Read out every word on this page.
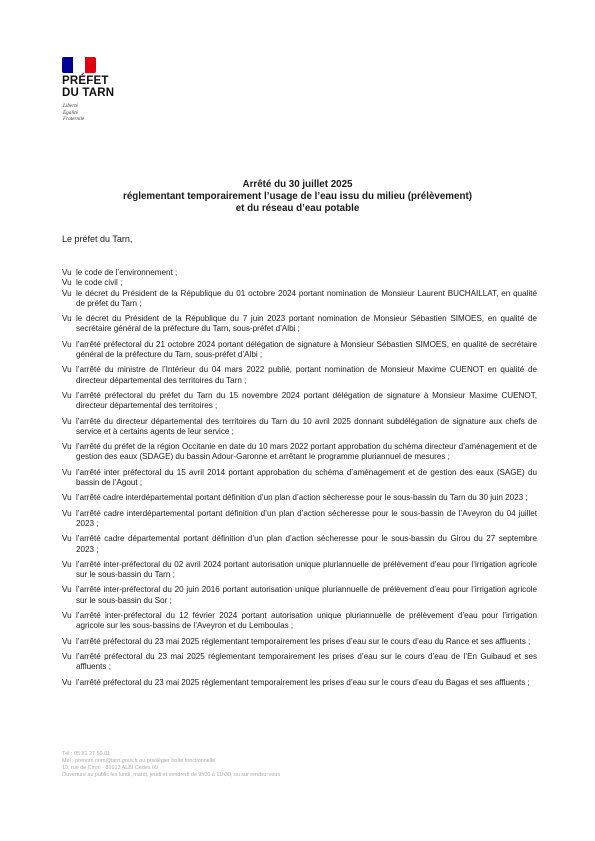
PRÉFET
DU TARN
Liberté
Égalité
Fraternité
Arrêté du 30 juillet 2025
réglementant temporairement l’usage de l’eau issu du milieu (prélèvement)
et du réseau d’eau potable
Le préfet du Tarn,
Vu le code de l’environnement ;
Vu le code civil ;
Vu le décret du Président de la République du 01 octobre 2024 portant nomination de Monsieur Laurent BUCHAILLAT, en qualité de préfet du Tarn ;
Vu le décret du Président de la République du 7 juin 2023 portant nomination de Monsieur Sébastien SIMOES, en qualité de secrétaire général de la préfecture du Tarn, sous-préfet d’Albi ;
Vu l’arrêté préfectoral du 21 octobre 2024 portant délégation de signature à Monsieur Sébastien SIMOES, en qualité de secrétaire général de la préfecture du Tarn, sous-préfet d’Albi ;
Vu l’arrêté du ministre de l’Intérieur du 04 mars 2022 publié, portant nomination de Monsieur Maxime CUENOT en qualité de directeur départemental des territoires du Tarn ;
Vu l’arrêté préfectoral du préfet du Tarn du 15 novembre 2024 portant délégation de signature à Monsieur Maxime CUENOT, directeur départemental des territoires ;
Vu l’arrêté du directeur départemental des territoires du Tarn du 10 avril 2025 donnant subdélégation de signature aux chefs de service et à certains agents de leur service ;
Vu l’arrêté du préfet de la région Occitanie en date du 10 mars 2022 portant approbation du schéma directeur d’aménagement et de gestion des eaux (SDAGE) du bassin Adour-Garonne et arrêtant le programme pluriannuel de mesures ;
Vu l’arrêté inter préfectoral du 15 avril 2014 portant approbation du schéma d’aménagement et de gestion des eaux (SAGE) du bassin de l’Agout ;
Vu l’arrêté cadre interdépartemental portant définition d’un plan d’action sécheresse pour le sous-bassin du Tarn du 30 juin 2023 ;
Vu l’arrêté cadre interdépartemental portant définition d’un plan d’action sécheresse pour le sous-bassin de l’Aveyron du 04 juillet 2023 ;
Vu l’arrêté cadre départemental portant définition d’un plan d’action sécheresse pour le sous-bassin du Girou du 27 septembre 2023 ;
Vu l’arrêté inter-préfectoral du 02 avril 2024 portant autorisation unique pluriannuelle de prélèvement d’eau pour l’irrigation agricole sur le sous-bassin du Tarn ;
Vu l’arrêté inter-préfectoral du 20 juin 2016 portant autorisation unique pluriannuelle de prélèvement d’eau pour l’irrigation agricole sur le sous-bassin du Sor ;
Vu l’arrêté inter-préfectoral du 12 février 2024 portant autorisation unique pluriannuelle de prélèvement d’eau pour l’irrigation agricole sur les sous-bassins de l’Aveyron et du Lemboulas ;
Vu l’arrêté préfectoral du 23 mai 2025 réglementant temporairement les prises d’eau sur le cours d’eau du Rance et ses affluents ;
Vu l’arrêté préfectoral du 23 mai 2025 réglementant temporairement les prises d’eau sur le cours d’eau de l’En Guibaud et ses affluents ;
Vu l’arrêté préfectoral du 23 mai 2025 réglementant temporairement les prises d’eau sur le cours d’eau du Bagas et ses affluents ;
Tél : 05 81 27 50 01
Mél : prenom.nom@tarn.gouv.fr ou privilégier boîte fonctionnelle
19, rue de Ciron - 81013 ALBI Cedex 09
Ouverture au public les lundi, mardi, jeudi et vendredi de 9h00 à 11h30, ou sur rendez-vous
